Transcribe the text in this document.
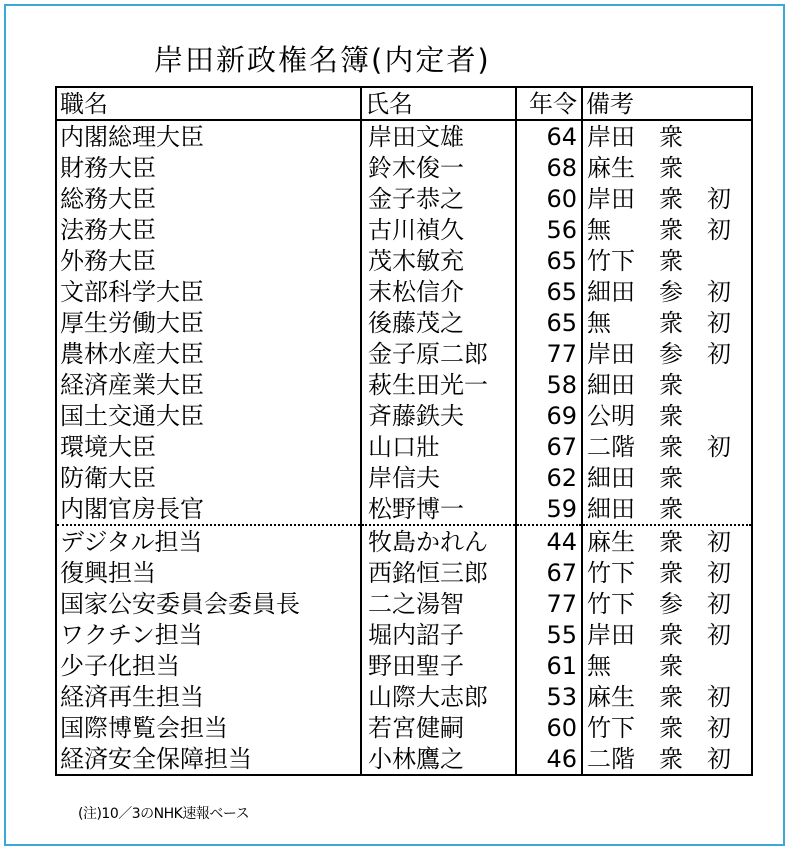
岸田新政権名簿(内定者)
職名	氏名	年令	備考
内閣総理大臣	岸田文雄	64	岸田　衆
財務大臣	鈴木俊一	68	麻生　衆
総務大臣	金子恭之	60	岸田　衆　初
法務大臣	古川禎久	56	無　　衆　初
外務大臣	茂木敏充	65	竹下　衆
文部科学大臣	末松信介	65	細田　参　初
厚生労働大臣	後藤茂之	65	無　　衆　初
農林水産大臣	金子原二郎	77	岸田　参　初
経済産業大臣	萩生田光一	58	細田　衆
国土交通大臣	斉藤鉄夫	69	公明　衆
環境大臣	山口壯	67	二階　衆　初
防衛大臣	岸信夫	62	細田　衆
内閣官房長官	松野博一	59	細田　衆
デジタル担当	牧島かれん	44	麻生　衆　初
復興担当	西銘恒三郎	67	竹下　衆　初
国家公安委員会委員長	二之湯智	77	竹下　参　初
ワクチン担当	堀内詔子	55	岸田　衆　初
少子化担当	野田聖子	61	無　　衆
経済再生担当	山際大志郎	53	麻生　衆　初
国際博覧会担当	若宮健嗣	60	竹下　衆　初
経済安全保障担当	小林鷹之	46	二階　衆　初
(注)10／3のNHK速報ベース
